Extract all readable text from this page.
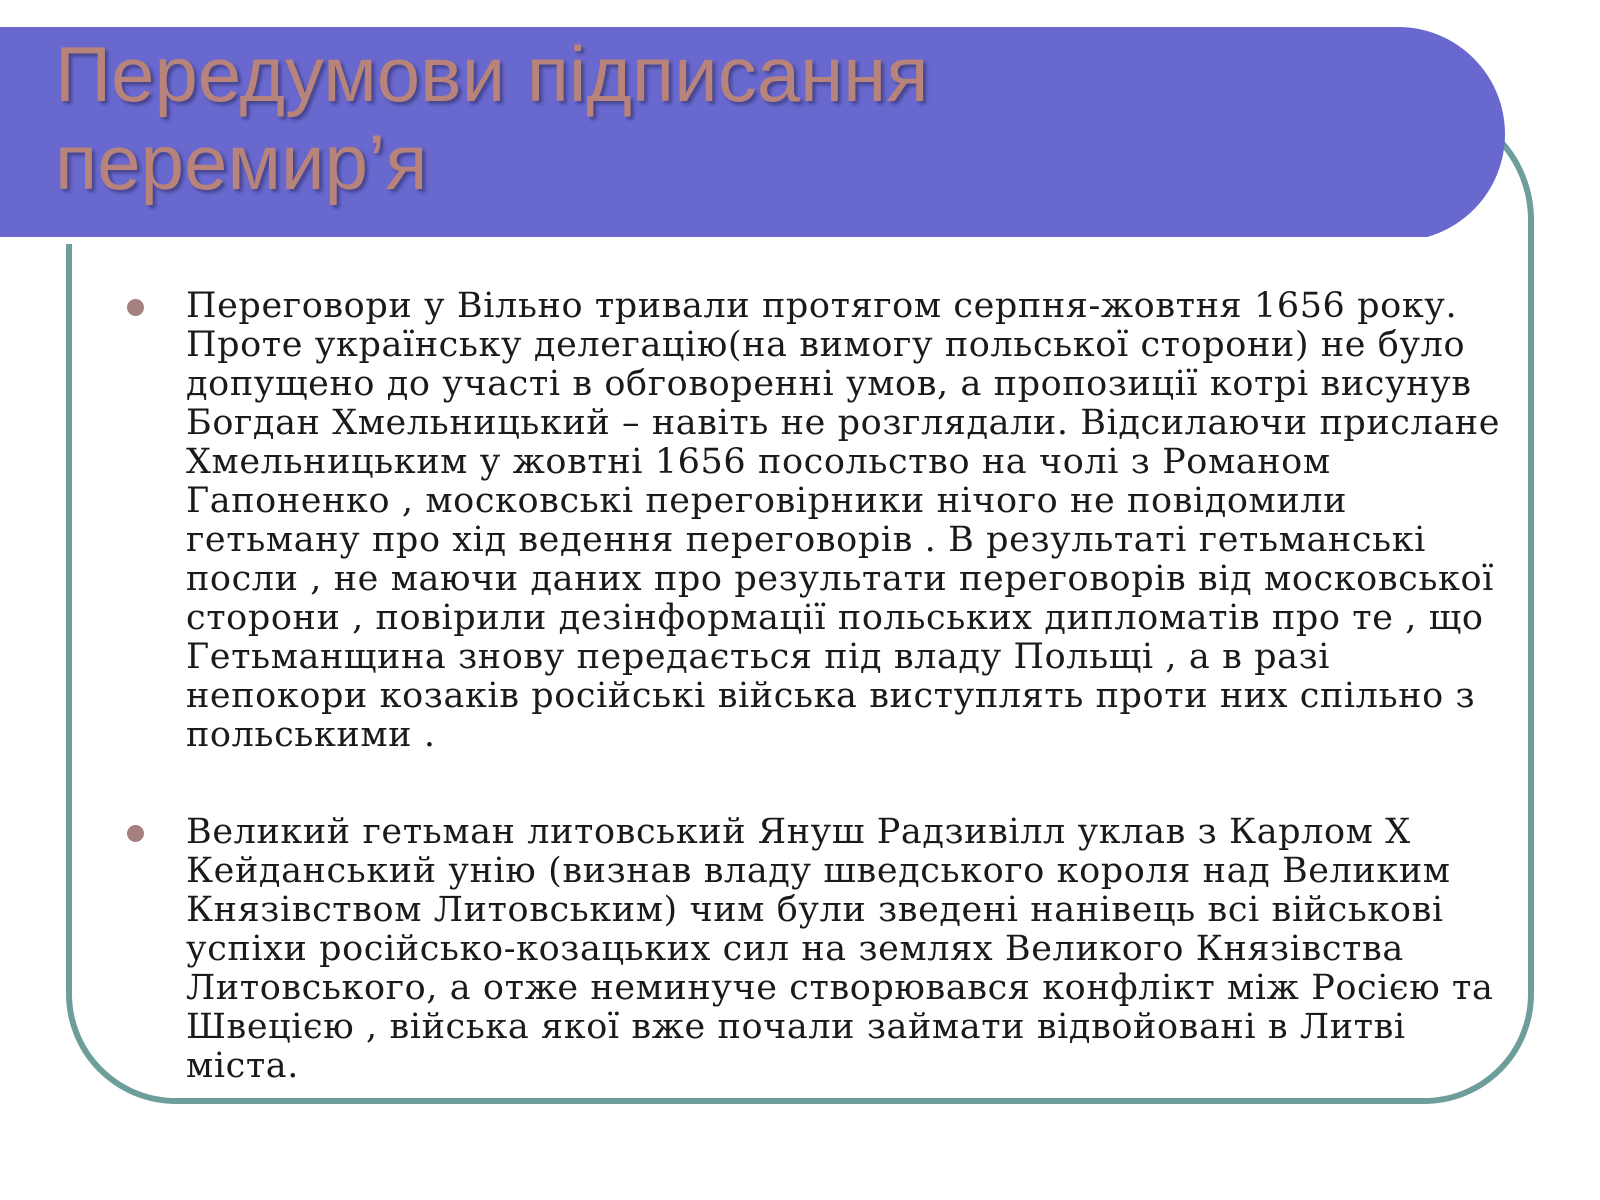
Передумови підписання
перемир’я
Переговори у Вільно тривали протягом серпня-жовтня 1656 року. Проте українську делегацію(на вимогу польської сторони) не було допущено до участі в обговоренні умов, а пропозиції котрі висунув Богдан Хмельницький – навіть не розглядали. Відсилаючи прислане Хмельницьким у жовтні 1656 посольство на чолі з Романом Гапоненко , московські переговірники нічого не повідомили гетьману про хід ведення переговорів . В результаті гетьманські посли , не маючи даних про результати переговорів від московської сторони , повірили дезінформації польських дипломатів про те , що Гетьманщина знову передається під владу Польщі , а в разі непокори козаків російські війська виступлять проти них спільно з польськими .
Великий гетьман литовський Януш Радзивілл уклав з Карлом Х Кейданський унію (визнав владу шведського короля над Великим Князівством Литовським) чим були зведені нанівець всі військові успіхи російсько-козацьких сил на землях Великого Князівства Литовського, а отже неминуче створювався конфлікт між Росією та Швецією , війська якої вже почали займати відвойовані в Литві міста.
